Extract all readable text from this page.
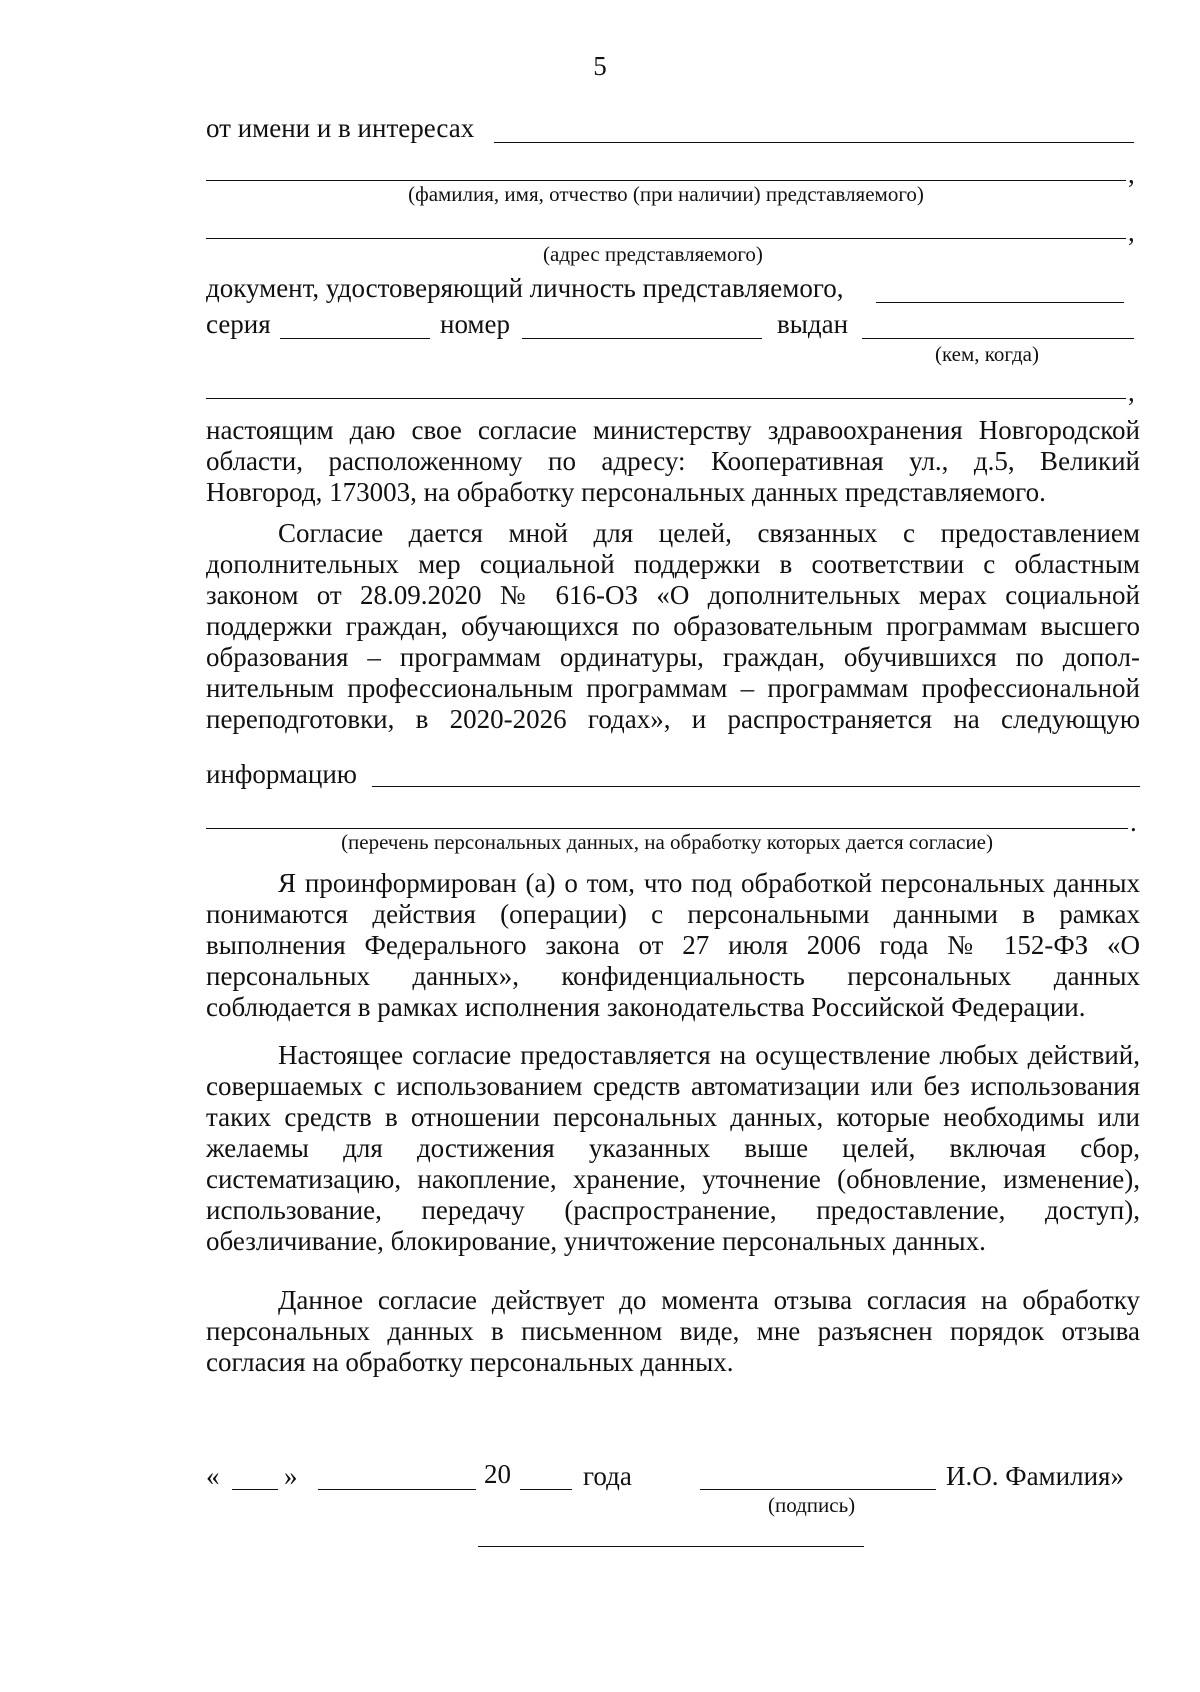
5
от имени и в интересах
,
(фамилия, имя, отчество (при наличии) представляемого)
,
(адрес представляемого)
документ, удостоверяющий личность представляемого,
серия	номер	выдан
(кем, когда)
,

настоящим даю свое согласие министерству здравоохранения Новгородской

области, расположенному по адресу: Кооперативная ул., д.5, Великий

Новгород, 173003, на обработку персональных данных представляемого.

Согласие дается мной для целей, связанных с предоставлением дополнительных мер социальной поддержки в соответствии с областным законом от 28.09.2020 № 616-ОЗ «О дополнительных мерах социальной поддержки граждан, обучающихся по образовательным программам высшего образования – программам ординатуры, граждан, обучившихся по допол-нительным профессиональным программам – программам профессиональной переподготовки, в 2020-2026 годах», и распространяется на следующую

информацию
.
(перечень персональных данных, на обработку которых дается согласие)

Я проинформирован (а) о том, что под обработкой персональных данных понимаются действия (операции) с персональными данными в рамках выполнения Федерального закона от 27 июля 2006 года № 152-ФЗ «О персональных данных», конфиденциальность персональных данных соблюдается в рамках исполнения законодательства Российской Федерации.

Настоящее согласие предоставляется на осуществление любых действий, совершаемых с использованием средств автоматизации или без использования таких средств в отношении персональных данных, которые необходимы или желаемы для достижения указанных выше целей, включая сбор, систематизацию, накопление, хранение, уточнение (обновление, изменение), использование, передачу (распространение, предоставление, доступ), обезличивание, блокирование, уничтожение персональных данных.

Данное согласие действует до момента отзыва согласия на обработку персональных данных в письменном виде, мне разъяснен порядок отзыва согласия на обработку персональных данных.

« »	20	года	И.О. Фамилия»
(подпись)
